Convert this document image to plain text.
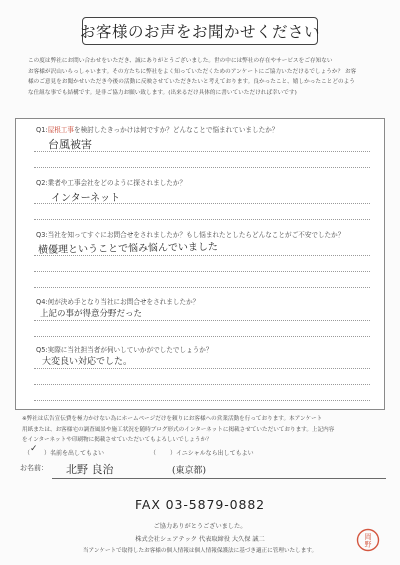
お客様のお声をお聞かせください
この度は弊社にお問い合わせをいただき、誠にありがとうございました。世の中には弊社の存在やサービスをご存知ない
お客様が沢山いらっしゃいます。その方たちに弊社をよく知っていただくためのアンケートにご協力いただけるでしょうか？ お客
様のご意見をお聞かせいただき今後の活動に反映させていただきたいと考えております。良かったこと、嬉しかったことどのよう
な仕組な事でも結構です。是非ご協力お願い致します。(出来るだけ具体的に書いていただければ幸いです)
Q1:屋根工事を検討したきっかけは何ですか？どんなことで悩まれていましたか？
台風被害
Q2:業者や工事会社をどのように探されましたか？
インターネット
Q3:当社を知ってすぐにお問合せをされましたか？もし悩まれたとしたらどんなことがご不安でしたか？
横優理ということで悩み悩んでいました
Q4:何が決め手となり当社にお問合せをされましたか？
上記の事が得意分野だった
Q5:実際に当社担当者が伺いしていかがでしたでしょうか？
大変良い対応でした。
※弊社は広告宣伝費を極力かけない為にホームページだけを頼りにお客様への営業活動を行っております。本アンケート
用紙または、お客様宅の調査風景や施工状況を随時ブログ形式のインターネットに掲載させていただいております。上記内容
をインターネットや印刷物に掲載させていただいてもよろしいでしょうか？
（ ）名前を出してもよい
✓	（ ）イニシャルなら出してもよい
お名前： 北野 良治	(東京都)
FAX 03-5879-0882
ご協力ありがとうございました。
株式会社シェアテック 代表取締役 大久保 誠二
当アンケートで取得したお客様の個人情報は個人情報保護法に基づき適正に管理いたします。
岡
野
